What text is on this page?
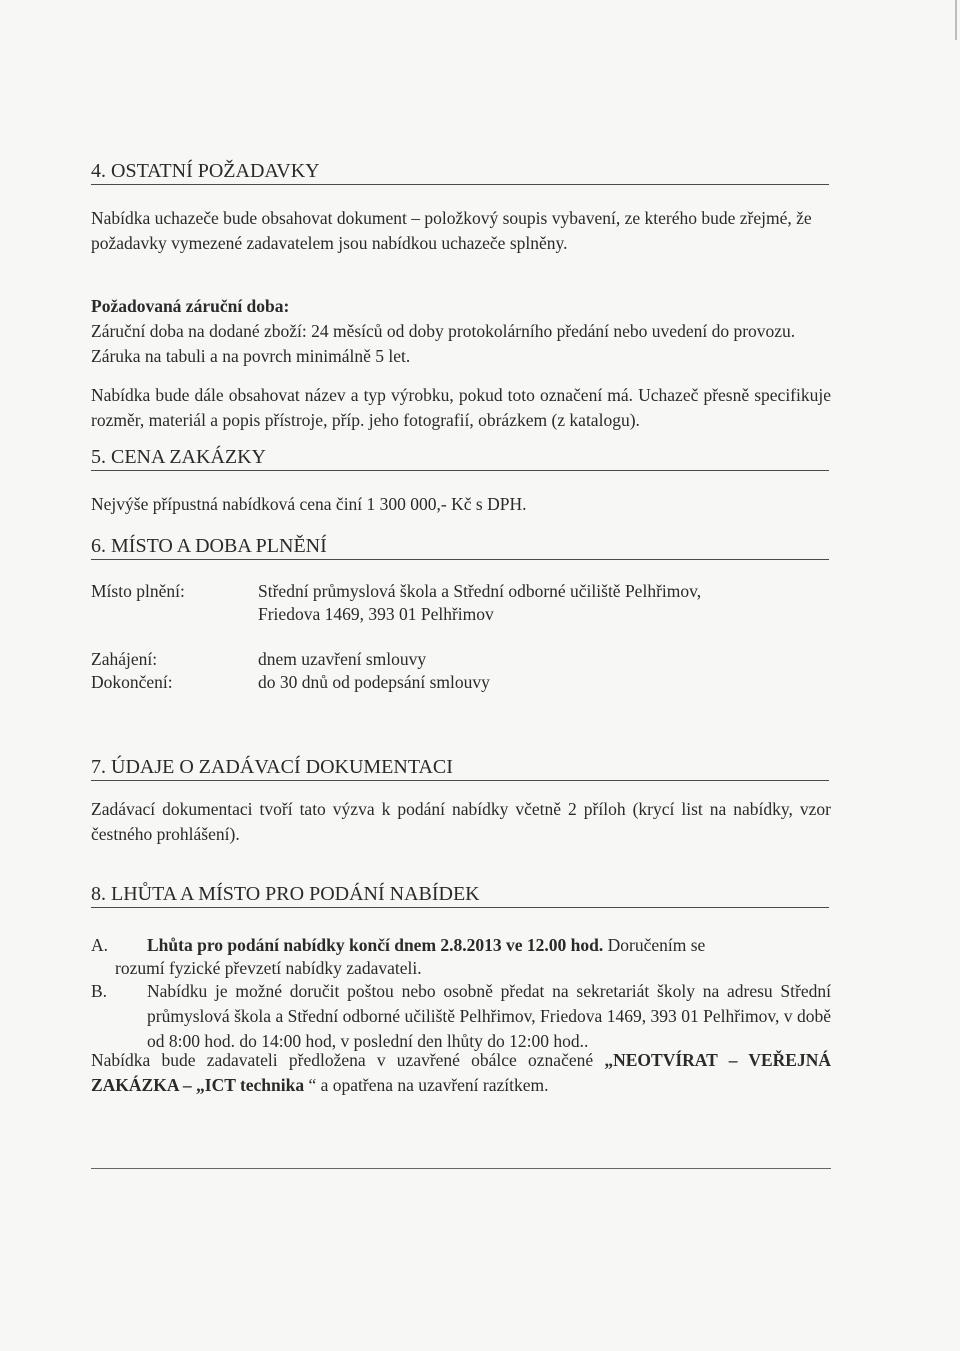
4. OSTATNÍ POŽADAVKY
Nabídka uchazeče bude obsahovat dokument – položkový soupis vybavení, ze kterého bude zřejmé, že požadavky vymezené zadavatelem jsou nabídkou uchazeče splněny.
Požadovaná záruční doba:
Záruční doba na dodané zboží: 24 měsíců od doby protokolárního předání nebo uvedení do provozu. Záruka na tabuli a na povrch minimálně 5 let.
Nabídka bude dále obsahovat název a typ výrobku, pokud toto označení má. Uchazeč přesně specifikuje rozměr, materiál a popis přístroje, příp. jeho fotografií, obrázkem (z katalogu).
5. CENA ZAKÁZKY
Nejvýše přípustná nabídková cena činí 1 300 000,- Kč s DPH.
6. MÍSTO A DOBA PLNĚNÍ
Místo plnění:	Střední průmyslová škola a Střední odborné učiliště Pelhřimov,
Friedova 1469, 393 01 Pelhřimov
Zahájení:	dnem uzavření smlouvy
Dokončení:	do 30 dnů od podepsání smlouvy
7. ÚDAJE O ZADÁVACÍ DOKUMENTACI
Zadávací dokumentaci tvoří tato výzva k podání nabídky včetně 2 příloh (krycí list na nabídky, vzor čestného prohlášení).
8. LHŮTA A MÍSTO PRO PODÁNÍ NABÍDEK
A. Lhůta pro podání nabídky končí dnem 2.8.2013 ve 12.00 hod. Doručením se
rozumí fyzické převzetí nabídky zadavateli.
B. Nabídku je možné doručit poštou nebo osobně předat na sekretariát školy na adresu Střední průmyslová škola a Střední odborné učiliště Pelhřimov, Friedova 1469, 393 01 Pelhřimov, v době od 8:00 hod. do 14:00 hod, v poslední den lhůty do 12:00 hod..
Nabídka bude zadavateli předložena v uzavřené obálce označené „NEOTVÍRAT – VEŘEJNÁ ZAKÁZKA – „ICT technika “ a opatřena na uzavření razítkem.
